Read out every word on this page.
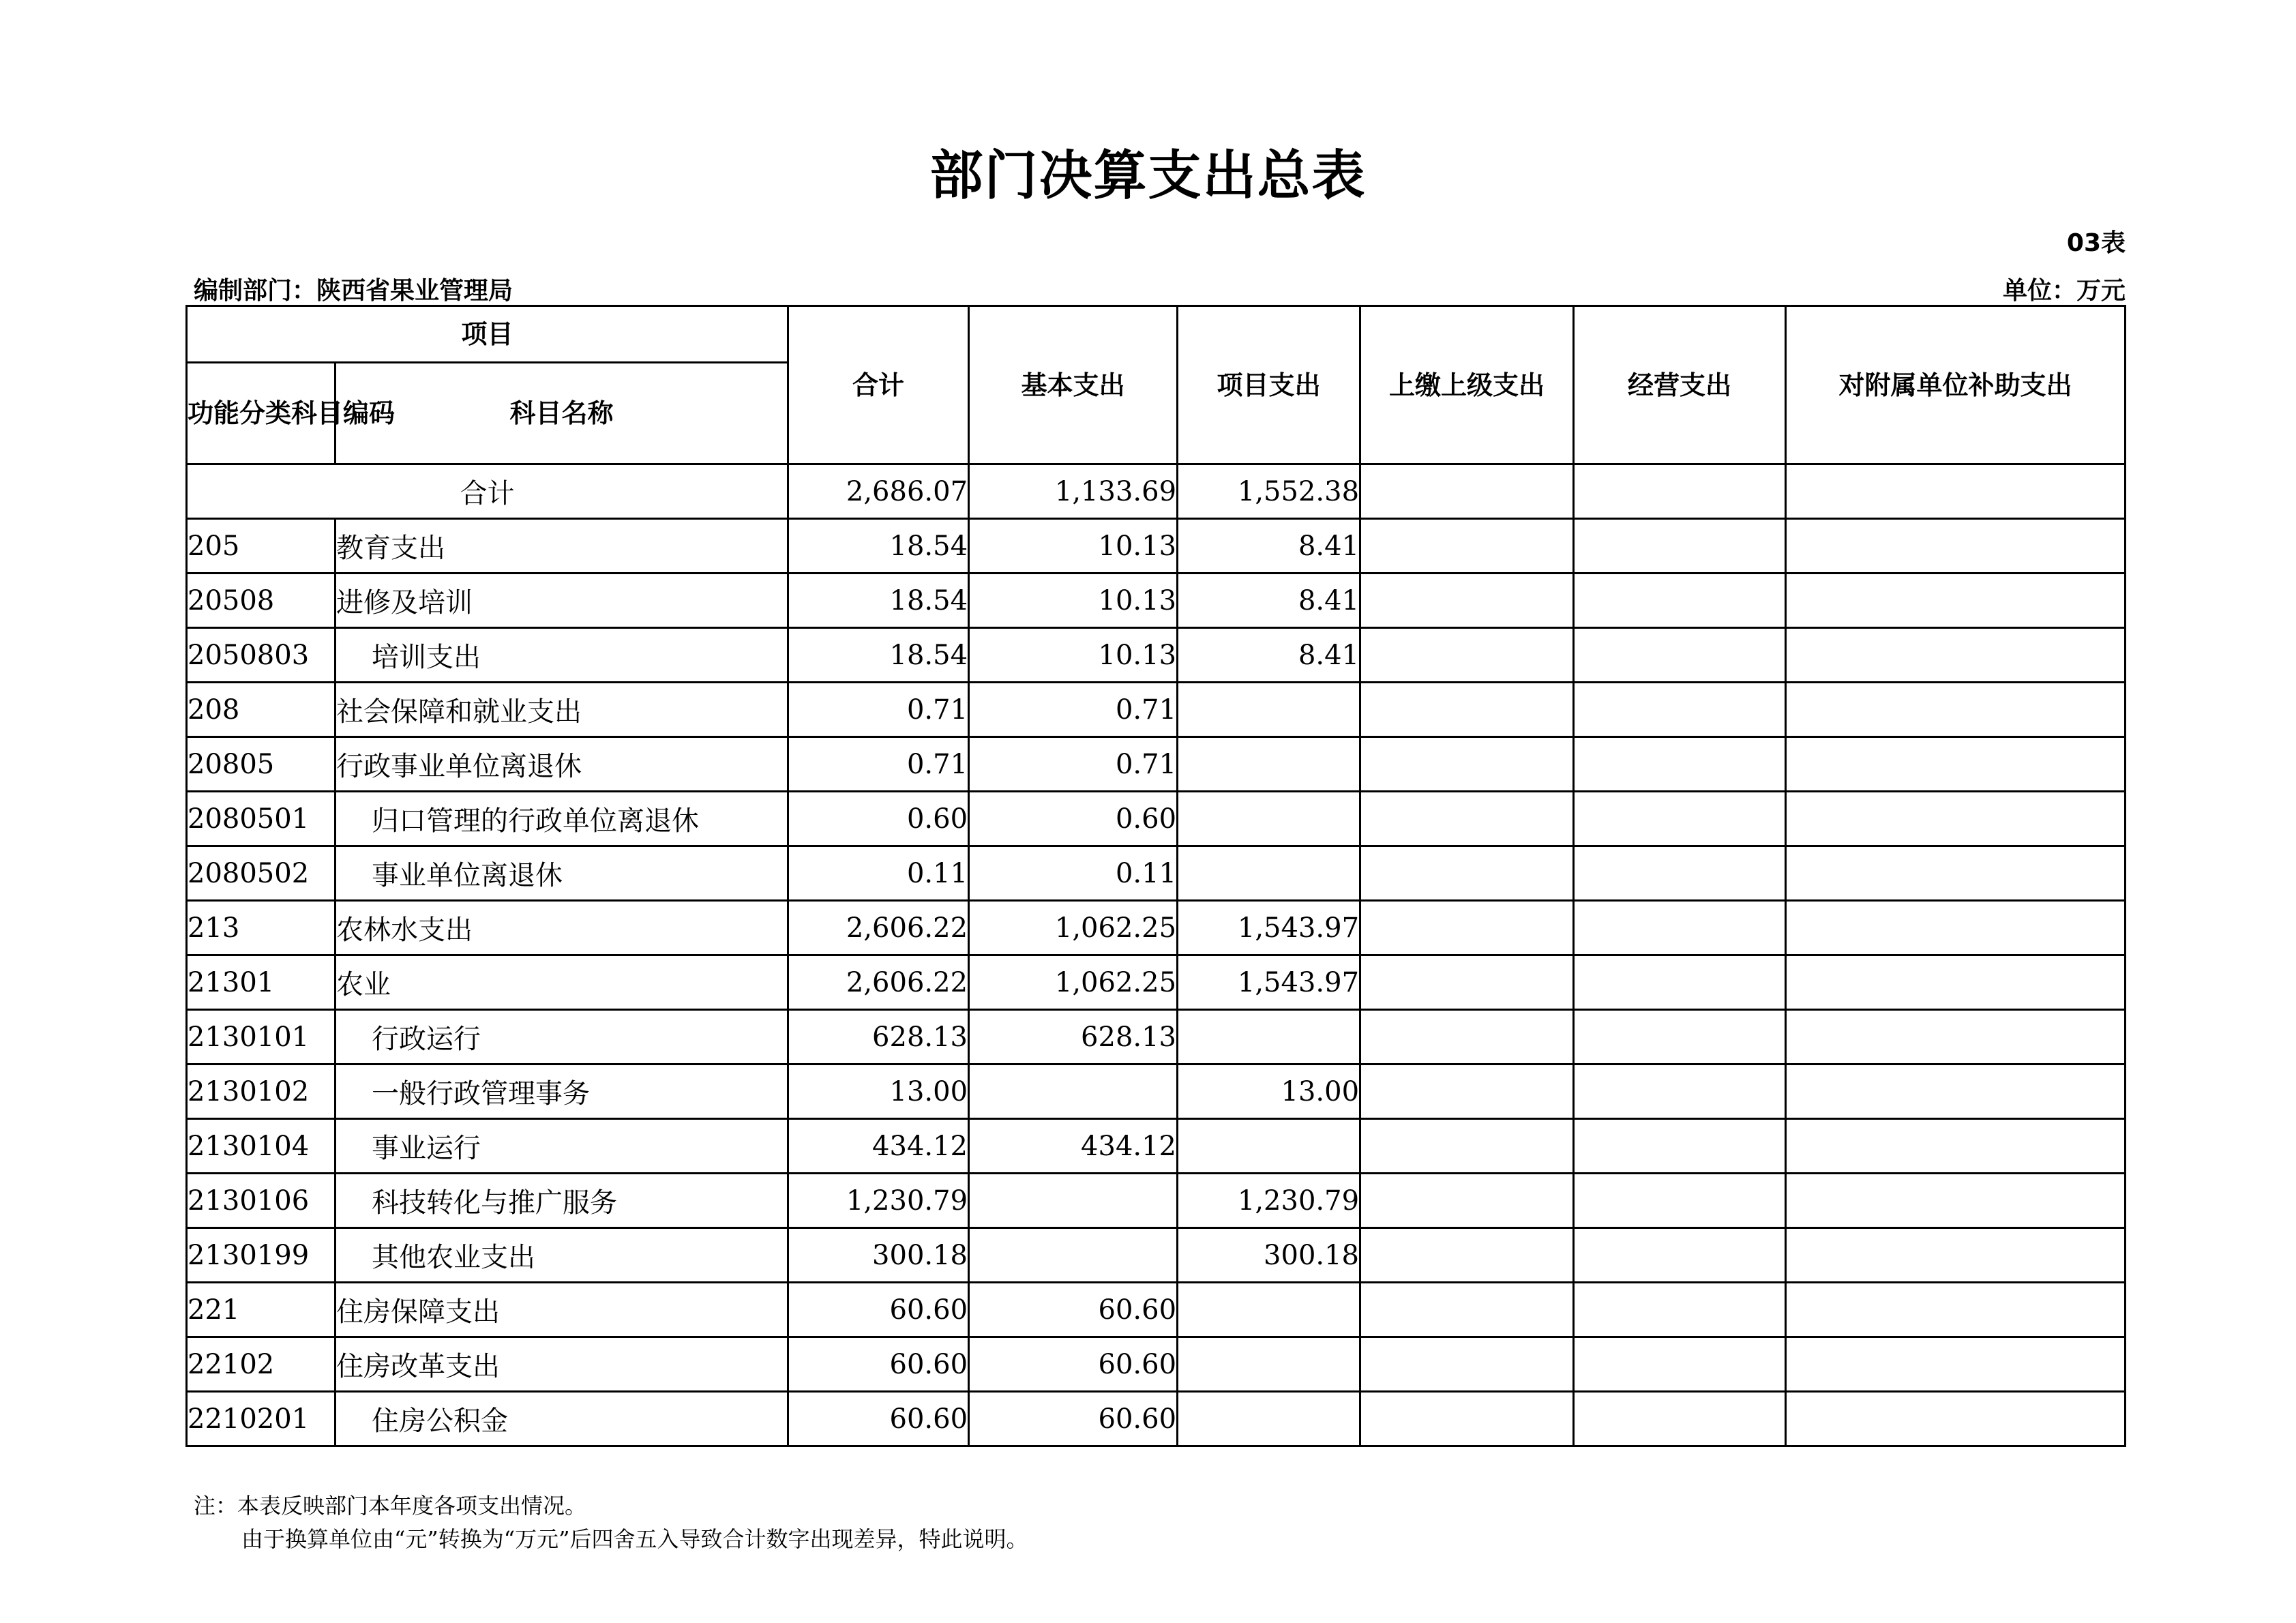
部门决算支出总表
03表
编制部门：陕西省果业管理局	单位：万元
项目		合计	基本支出	项目支出	上缴上级支出	经营支出	对附属单位补助支出
功能分类科目编码	科目名称						
合计		2,686.07	1,133.69	1,552.38			
205	教育支出	18.54	10.13	8.41			
20508	进修及培训	18.54	10.13	8.41			
2050803	培训支出	18.54	10.13	8.41			
208	社会保障和就业支出	0.71	0.71				
20805	行政事业单位离退休	0.71	0.71				
2080501	归口管理的行政单位离退休	0.60	0.60				
2080502	事业单位离退休	0.11	0.11				
213	农林水支出	2,606.22	1,062.25	1,543.97			
21301	农业	2,606.22	1,062.25	1,543.97			
2130101	行政运行	628.13	628.13				
2130102	一般行政管理事务	13.00		13.00			
2130104	事业运行	434.12	434.12				
2130106	科技转化与推广服务	1,230.79		1,230.79			
2130199	其他农业支出	300.18		300.18			
221	住房保障支出	60.60	60.60				
22102	住房改革支出	60.60	60.60				
2210201	住房公积金	60.60	60.60				
注：本表反映部门本年度各项支出情况。
由于换算单位由“元”转换为“万元”后四舍五入导致合计数字出现差异，特此说明。
